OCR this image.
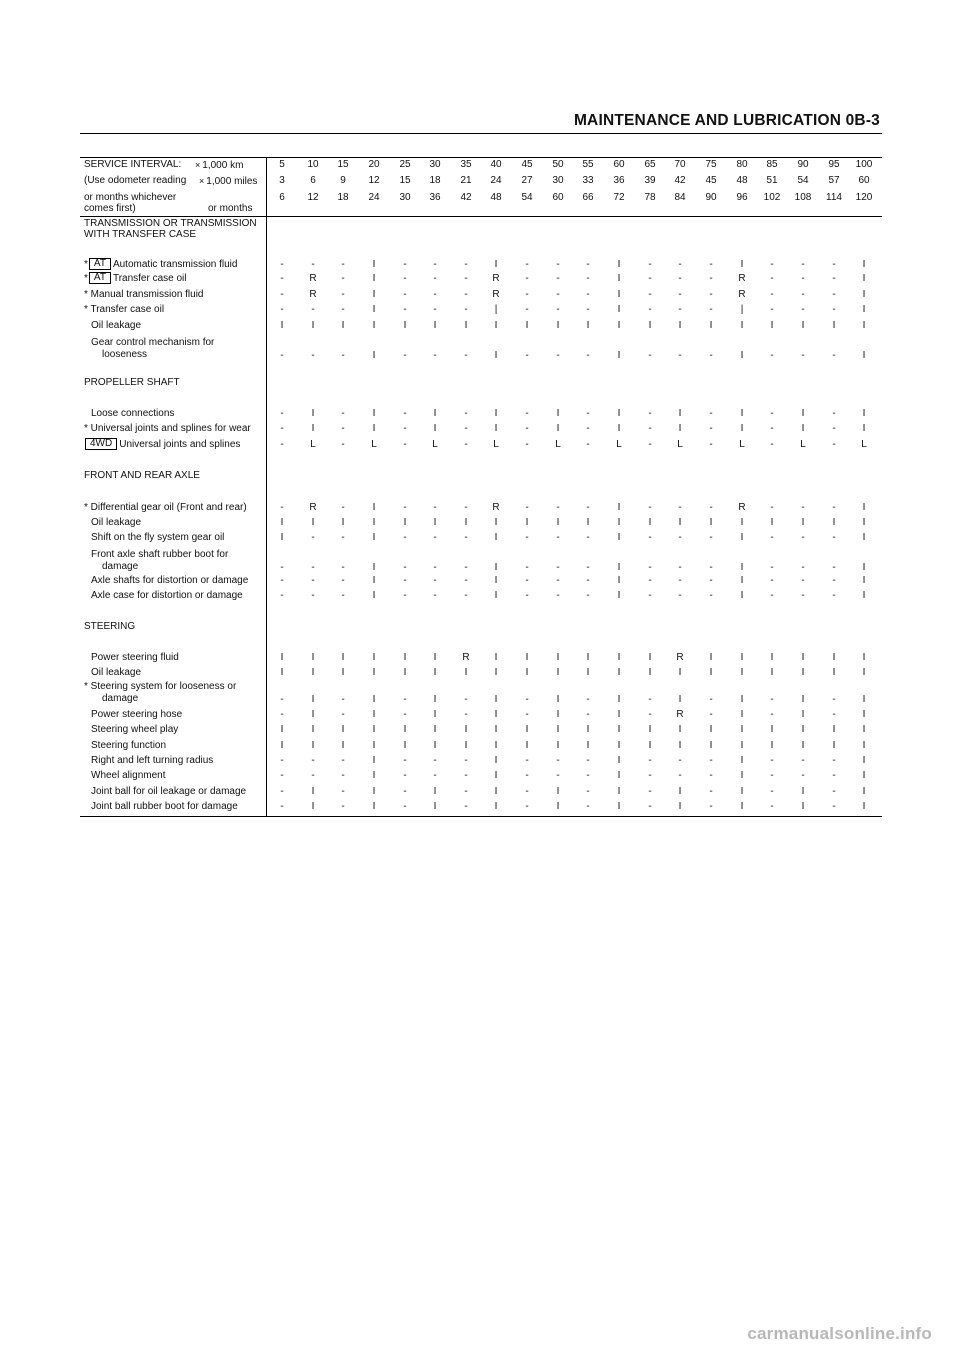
MAINTENANCE AND LUBRICATION 0B-3
SERVICE INTERVAL: × 1,000 km	5	10	15	20	25	30	35	40	45	50	55	60	65	70	75	80	85	90	95	100
(Use odometer reading × 1,000 miles	3	6	9	12	15	18	21	24	27	30	33	36	39	42	45	48	51	54	57	60
or months whichever	6	12	18	24	30	36	42	48	54	60	66	72	78	84	90	96	102	108	114	120
comes first)	or months
TRANSMISSION OR TRANSMISSION
WITH TRANSFER CASE
PROPELLER SHAFT
FRONT AND REAR AXLE
STEERING
* AT Automatic transmission fluid	-	-	-	I	-	-	-	I	-	-	-	I	-	-	-	I	-	-	-	I
* AT Transfer case oil	-	R	-	I	-	-	-	R	-	-	-	I	-	-	-	R	-	-	-	I
* Manual transmission fluid	-	R	-	I	-	-	-	R	-	-	-	I	-	-	-	R	-	-	-	I
* Transfer case oil	-	-	-	I	-	-	-	|	-	-	-	I	-	-	-	|	-	-	-	I
Oil leakage	I	I	I	I	I	I	I	I	I	I	I	I	I	I	I	I	I	I	I	I
Gear control mechanism for
looseness	-	-	-	I	-	-	-	I	-	-	-	I	-	-	-	I	-	-	-	I
Loose connections	-	I	-	I	-	I	-	I	-	I	-	I	-	I	-	I	-	I	-	I
* Universal joints and splines for wear	-	I	-	I	-	I	-	I	-	I	-	I	-	I	-	I	-	I	-	I
4WD Universal joints and splines	-	L	-	L	-	L	-	L	-	L	-	L	-	L	-	L	-	L	-	L
* Differential gear oil (Front and rear)	-	R	-	I	-	-	-	R	-	-	-	I	-	-	-	R	-	-	-	I
Oil leakage	I	I	I	I	I	I	I	I	I	I	I	I	I	I	I	I	I	I	I	I
Shift on the fly system gear oil	I	-	-	I	-	-	-	I	-	-	-	I	-	-	-	I	-	-	-	I
Front axle shaft rubber boot for
damage	-	-	-	I	-	-	-	I	-	-	-	I	-	-	-	I	-	-	-	I
Axle shafts for distortion or damage	-	-	-	I	-	-	-	I	-	-	-	I	-	-	-	I	-	-	-	I
Axle case for distortion or damage	-	-	-	I	-	-	-	I	-	-	-	I	-	-	-	I	-	-	-	I
Power steering fluid	I	I	I	I	I	I	R	I	I	I	I	I	I	R	I	I	I	I	I	I
Oil leakage	I	I	I	I	I	I	I	I	I	I	I	I	I	I	I	I	I	I	I	I
* Steering system for looseness or
damage	-	I	-	I	-	I	-	I	-	I	-	I	-	I	-	I	-	I	-	I
Power steering hose	-	I	-	I	-	I	-	I	-	I	-	I	-	R	-	I	-	I	-	I
Steering wheel play	I	I	I	I	I	I	I	I	I	I	I	I	I	I	I	I	I	I	I	I
Steering function	I	I	I	I	I	I	I	I	I	I	I	I	I	I	I	I	I	I	I	I
Right and left turning radius	-	-	-	I	-	-	-	I	-	-	-	I	-	-	-	I	-	-	-	I
Wheel alignment	-	-	-	I	-	-	-	I	-	-	-	I	-	-	-	I	-	-	-	I
Joint ball for oil leakage or damage	-	I	-	I	-	I	-	I	-	I	-	I	-	I	-	I	-	I	-	I
Joint ball rubber boot for damage	-	I	-	I	-	I	-	I	-	I	-	I	-	I	-	I	-	I	-	I
carmanualsonline.info
